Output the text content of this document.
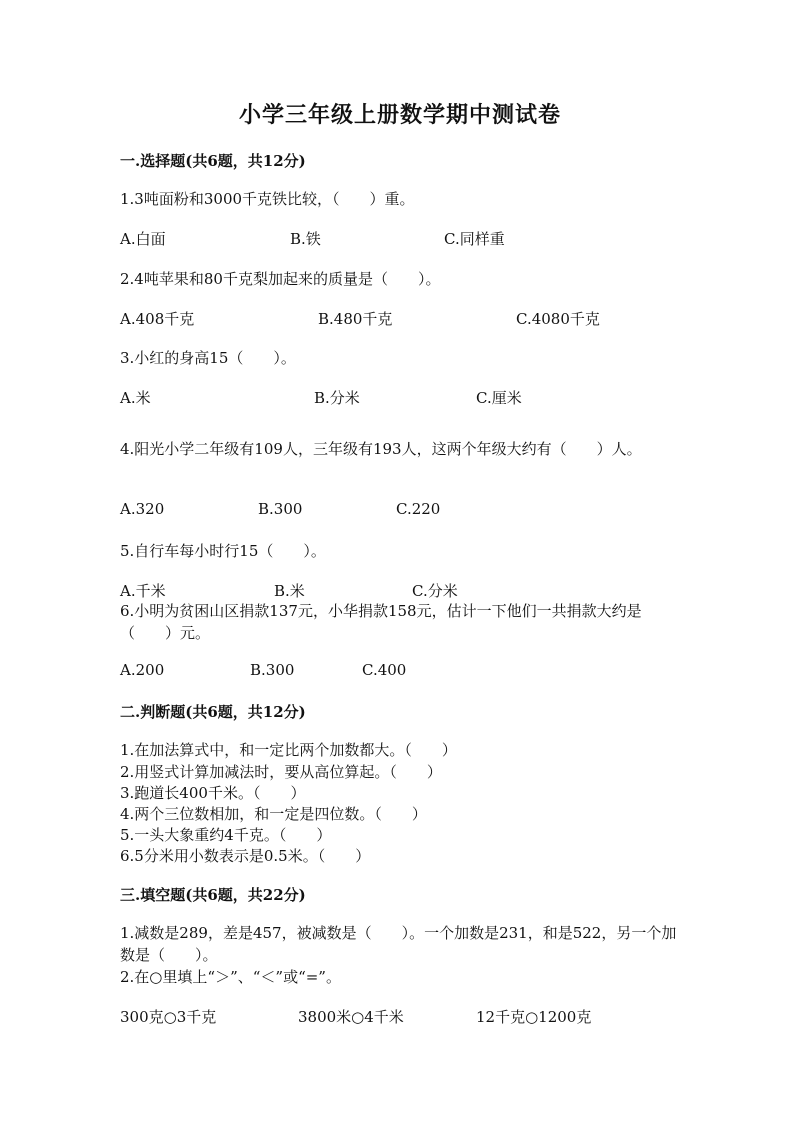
小学三年级上册数学期中测试卷
一.选择题(共6题，共12分)
1.3吨面粉和3000千克铁比较，（　　）重。
A.白面	B.铁	C.同样重
2.4吨苹果和80千克梨加起来的质量是（　　）。
A.408千克	B.480千克	C.4080千克
3.小红的身高15（　　）。
A.米	B.分米	C.厘米
4.阳光小学二年级有109人，三年级有193人，这两个年级大约有（　　）人。
A.320	B.300	C.220
5.自行车每小时行15（　　）。
A.千米	B.米	C.分米
6.小明为贫困山区捐款137元，小华捐款158元，估计一下他们一共捐款大约是（　　）元。
A.200	B.300	C.400
二.判断题(共6题，共12分)
1.在加法算式中，和一定比两个加数都大。（　　）
2.用竖式计算加减法时，要从高位算起。（　　）
3.跑道长400千米。（　　）
4.两个三位数相加，和一定是四位数。（　　）
5.一头大象重约4千克。（　　）
6.5分米用小数表示是0.5米。（　　）
三.填空题(共6题，共22分)
1.减数是289，差是457，被减数是（　　）。一个加数是231，和是522，另一个加数是（　　）。
2.在○里填上“＞”、“＜”或“=”。
300克○3千克	3800米○4千米	12千克○1200克
